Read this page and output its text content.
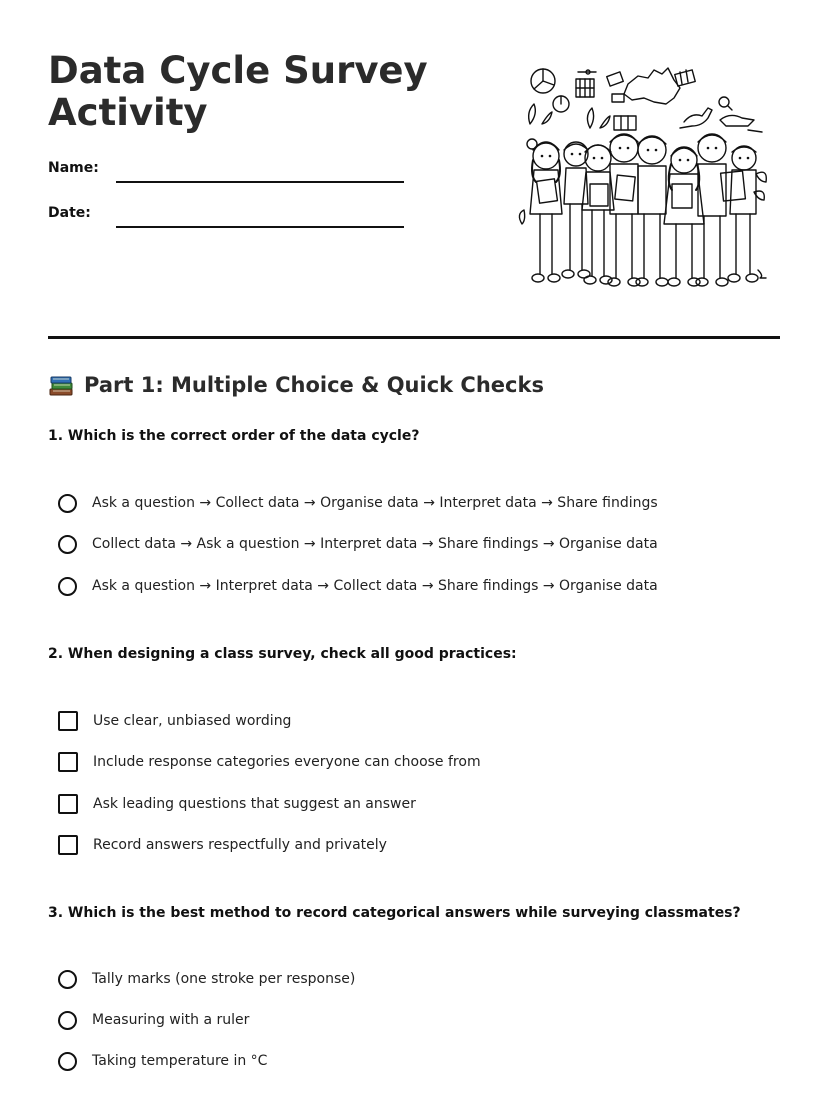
Data Cycle Survey Activity
Name:
Date:
Part 1: Multiple Choice & Quick Checks
1. Which is the correct order of the data cycle?
Ask a question → Collect data → Organise data → Interpret data → Share findings
Collect data → Ask a question → Interpret data → Share findings → Organise data
Ask a question → Interpret data → Collect data → Share findings → Organise data
2. When designing a class survey, check all good practices:
Use clear, unbiased wording
Include response categories everyone can choose from
Ask leading questions that suggest an answer
Record answers respectfully and privately
3. Which is the best method to record categorical answers while surveying classmates?
Tally marks (one stroke per response)
Measuring with a ruler
Taking temperature in °C
